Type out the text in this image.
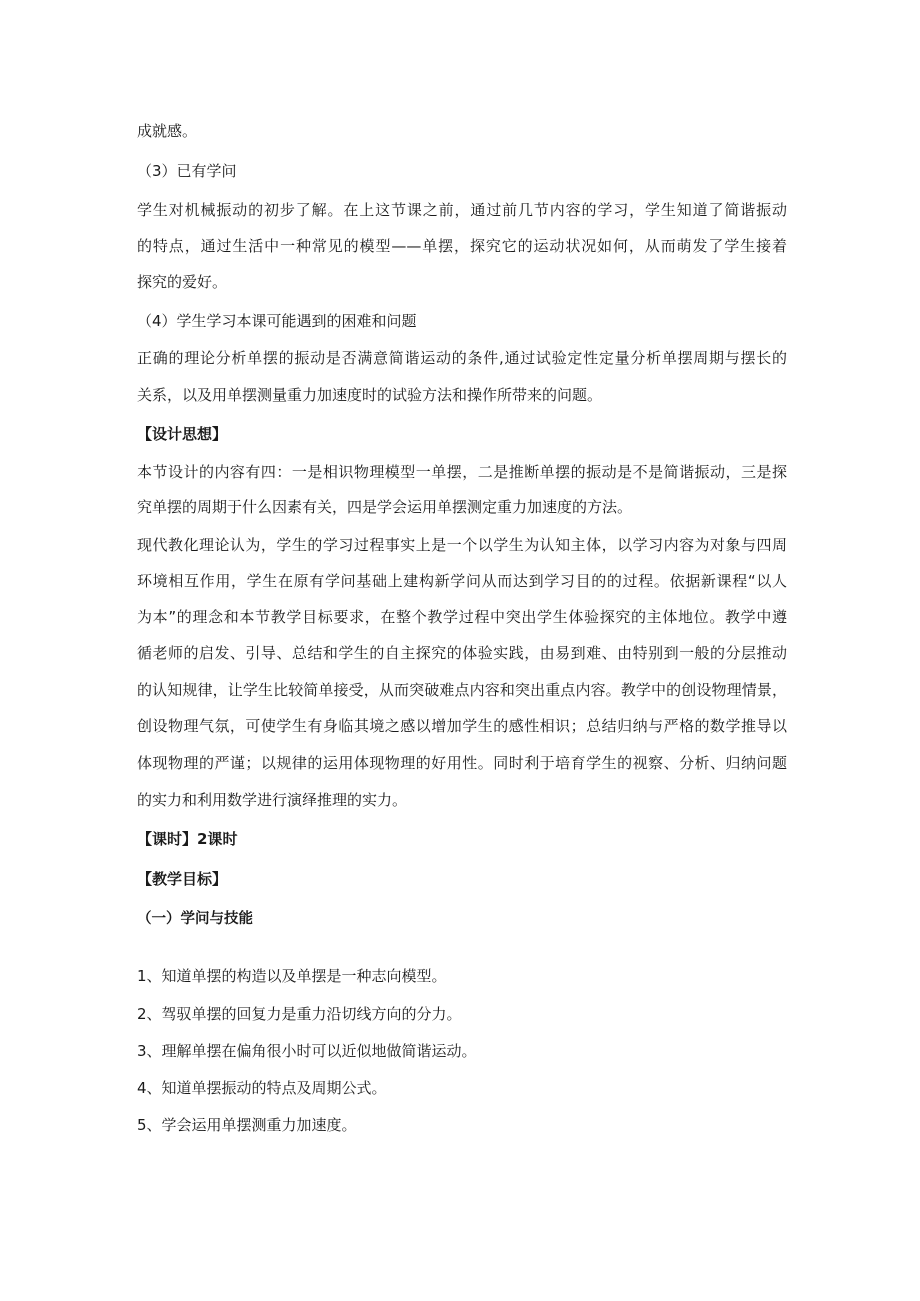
成就感。
（3）已有学问
学生对机械振动的初步了解。在上这节课之前，通过前几节内容的学习，学生知道了简谐振动
的特点，通过生活中一种常见的模型——单摆，探究它的运动状况如何，从而萌发了学生接着
探究的爱好。
（4）学生学习本课可能遇到的困难和问题
正确的理论分析单摆的振动是否满意简谐运动的条件,通过试验定性定量分析单摆周期与摆长的
关系，以及用单摆测量重力加速度时的试验方法和操作所带来的问题。
【设计思想】
本节设计的内容有四：一是相识物理模型一单摆，二是推断单摆的振动是不是简谐振动，三是探
究单摆的周期于什么因素有关，四是学会运用单摆测定重力加速度的方法。
现代教化理论认为，学生的学习过程事实上是一个以学生为认知主体，以学习内容为对象与四周
环境相互作用，学生在原有学问基础上建构新学问从而达到学习目的的过程。依据新课程“以人
为本”的理念和本节教学目标要求，在整个教学过程中突出学生体验探究的主体地位。教学中遵
循老师的启发、引导、总结和学生的自主探究的体验实践，由易到难、由特别到一般的分层推动
的认知规律，让学生比较简单接受，从而突破难点内容和突出重点内容。教学中的创设物理情景，
创设物理气氛，可使学生有身临其境之感以增加学生的感性相识；总结归纳与严格的数学推导以
体现物理的严谨；以规律的运用体现物理的好用性。同时利于培育学生的视察、分析、归纳问题
的实力和利用数学进行演绎推理的实力。
【课时】2课时
【教学目标】
（一）学问与技能
1、知道单摆的构造以及单摆是一种志向模型。
2、驾驭单摆的回复力是重力沿切线方向的分力。
3、理解单摆在偏角很小时可以近似地做简谐运动。
4、知道单摆振动的特点及周期公式。
5、学会运用单摆测重力加速度。
